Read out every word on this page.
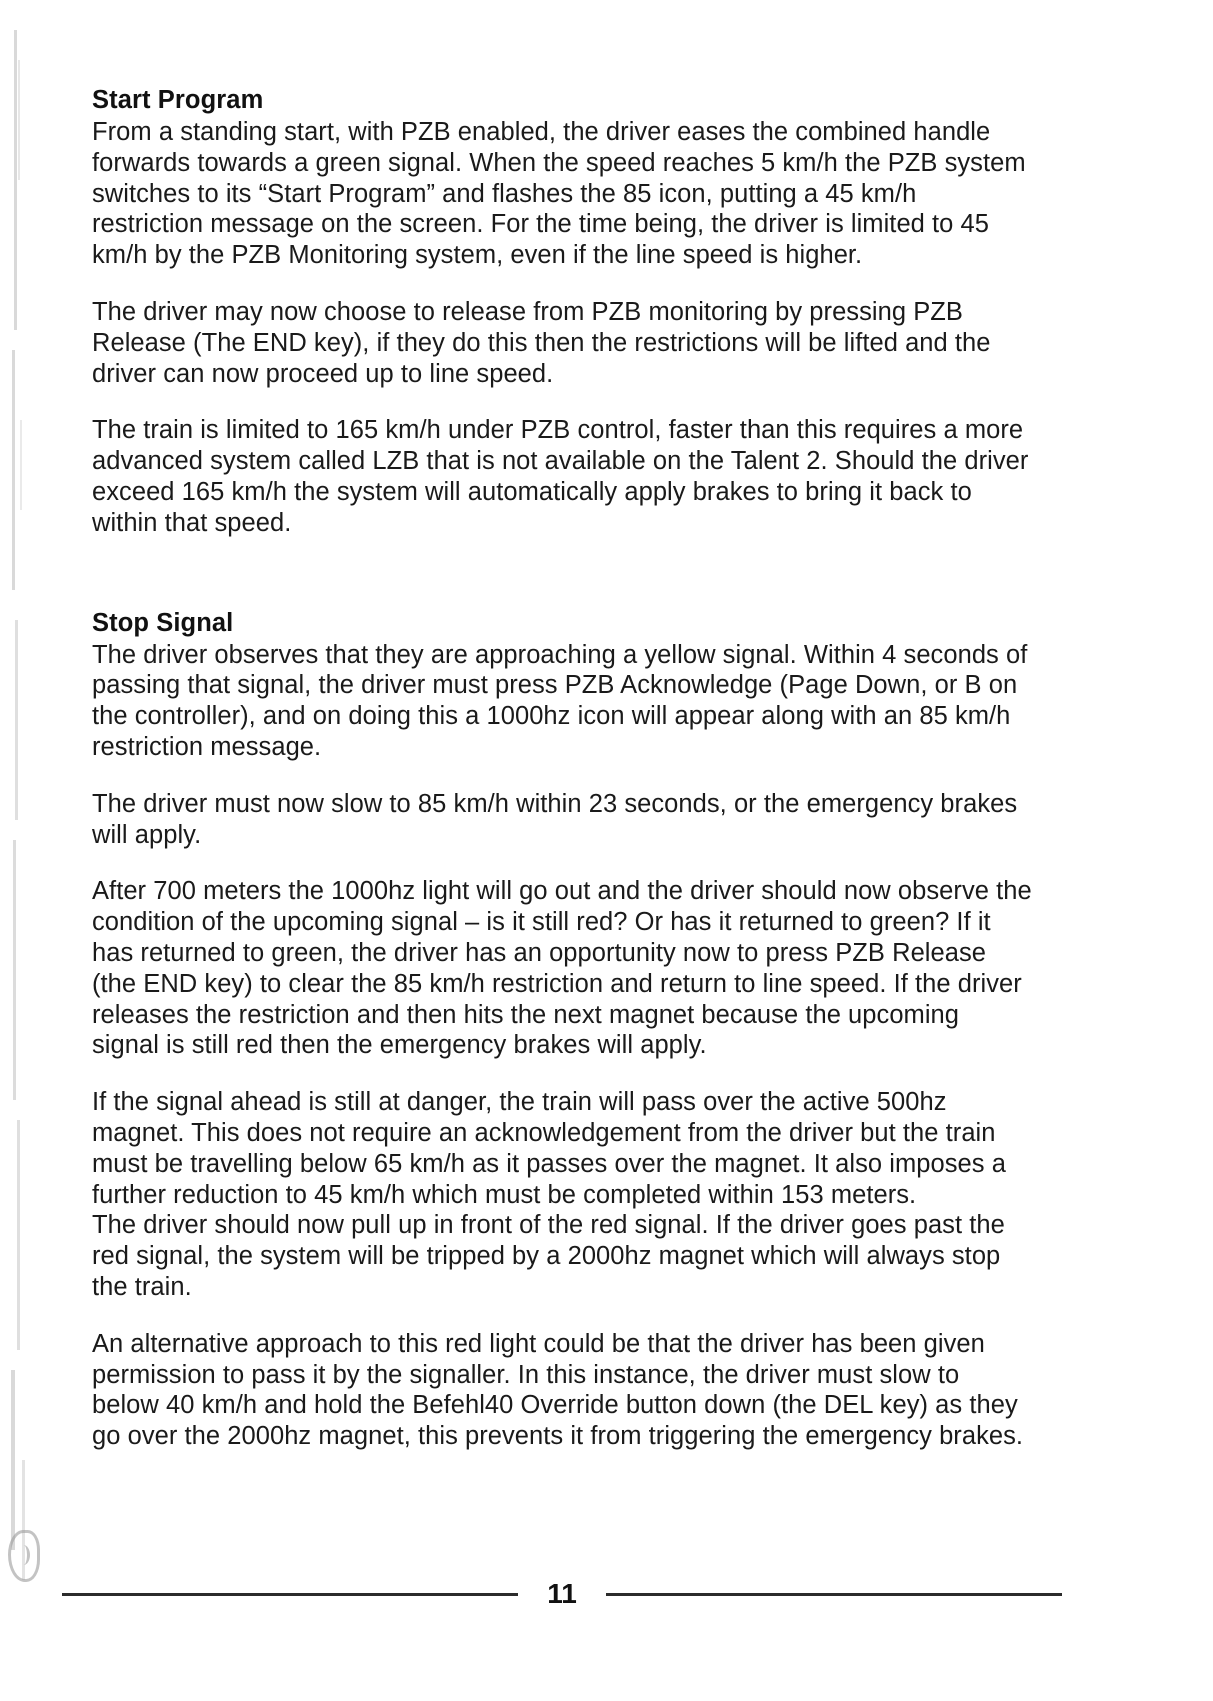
Start Program

From a standing start, with PZB enabled, the driver eases the combined handle forwards towards a green signal. When the speed reaches 5 km/h the PZB system switches to its “Start Program” and flashes the 85 icon, putting a 45 km/h restriction message on the screen. For the time being, the driver is limited to 45 km/h by the PZB Monitoring system, even if the line speed is higher.

The driver may now choose to release from PZB monitoring by pressing PZB Release (The END key), if they do this then the restrictions will be lifted and the driver can now proceed up to line speed.

The train is limited to 165 km/h under PZB control, faster than this requires a more advanced system called LZB that is not available on the Talent 2. Should the driver exceed 165 km/h the system will automatically apply brakes to bring it back to within that speed.

Stop Signal

The driver observes that they are approaching a yellow signal. Within 4 seconds of passing that signal, the driver must press PZB Acknowledge (Page Down, or B on the controller), and on doing this a 1000hz icon will appear along with an 85 km/h restriction message.

The driver must now slow to 85 km/h within 23 seconds, or the emergency brakes will apply.

After 700 meters the 1000hz light will go out and the driver should now observe the condition of the upcoming signal – is it still red? Or has it returned to green? If it has returned to green, the driver has an opportunity now to press PZB Release (the END key) to clear the 85 km/h restriction and return to line speed. If the driver releases the restriction and then hits the next magnet because the upcoming signal is still red then the emergency brakes will apply.

If the signal ahead is still at danger, the train will pass over the active 500hz magnet. This does not require an acknowledgement from the driver but the train must be travelling below 65 km/h as it passes over the magnet. It also imposes a further reduction to 45 km/h which must be completed within 153 meters.

The driver should now pull up in front of the red signal. If the driver goes past the red signal, the system will be tripped by a 2000hz magnet which will always stop the train.

An alternative approach to this red light could be that the driver has been given permission to pass it by the signaller. In this instance, the driver must slow to below 40 km/h and hold the Befehl40 Override button down (the DEL key) as they go over the 2000hz magnet, this prevents it from triggering the emergency brakes.

11
